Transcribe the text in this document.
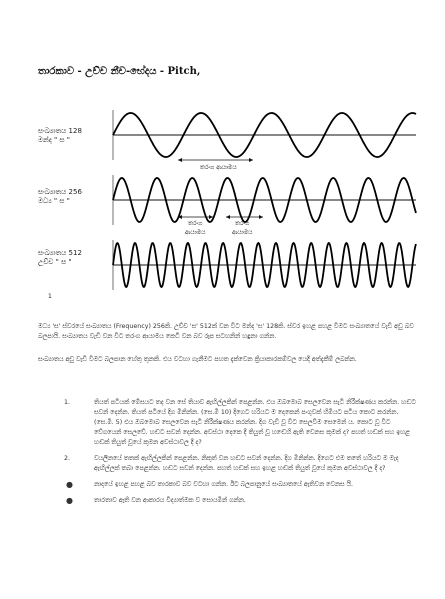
තාරකාව - උච්ච නීච-භේදය - Pitch,
සංඛ්‍යාතය 128
මන්ද " ස "
සංඛ්‍යාතය 256
මධ්‍ය " ස "
සංඛ්‍යාතය 512
උච්ච " ස "
තරංග ආයාමය
තරංග
ආයාමය
තරංග
ආයාමය
1
මධ්‍ය 'ස' ස්වරයේ සංඛ්‍යාතය (Frequency) 256කි. උච්ච 'ස' 512ක් වන විට මන්ද 'ස' 128කි. ස්වර ඉහළ පහළ වීමට සංඛ්‍යාතයේ වැඩි අඩු බව බලපායි. සංඛ්‍යාතය වැඩි වන විට තරංග ආයාමය කෙටි වන බව රූප සටහනින් හඳුනා ගන්න.
සංඛ්‍යාතය අඩු වැඩි වීමට බලපාන හේතු තුනකි. එය වටහා ගැනීමට පහත දැක්වෙන ක්‍රියාකාරකම්වල යෙදී අත්දැකීම් ලබන්න.
1.	තියත් පටියක් මේසයට තද වන සේ තියාව ඇඟිල්ලකින් පෙළන්න. එය ඔබමොබ සෙලවෙන සැටි නිරීක්ෂණය කරන්න. හඬට සවන් දෙන්න. තියත් පටියේ දිග මිනින්න. (සෙ.මී 10) දිගෙට හරියට ම දෙකෙන් පංගුවක් හිමියට පටිය කොට කරන්න. (සෙ.මී. 5) එය ඔබමොබ සෙලවෙන සැටි නිරීක්ෂණය කරන්න. දිග වැඩි වූ විට සෙලවීම සෙමෙන් ය. කොට වූ විට වේගයෙන් සෙලවේ. හඬට සවන් දෙන්න. අවස්ථා දෙකෙ දී තියුත් වූ හඬෙහි ඇති වෙනස කුමක් ද? පහත් හඬක් සහ ඉහළ හඬක් තියුත් වූයේ කුමන අවස්ථාවල දී ද?
2.	වයලිනයේ තතක් ඇඟිල්ලකින් පෙළන්න. නිකුත් වන හඬට සවන් දෙන්න. දිග මිනින්න. දිගෙට එම තතේ හරියට ම මැද ඇඟිල්ලක් තබා පෙළන්න. හඬට සවන් දෙන්න. පහත් හඬක් සහ ඉහළ හඬක් තියුත් වූයේ කුමන අවස්ථාවල දී ද?
●	නාදයේ ඉහළ පහළ බව තාරකාව බව වටහා ගන්න. ඊට බලපානුයේ සංඛ්‍යාතයේ ඇතිවන වෙනස යි.
●	තාරතාව ඇති වන ආකාරය විද්‍යාත්මක ව සොයමින් ගන්න.
